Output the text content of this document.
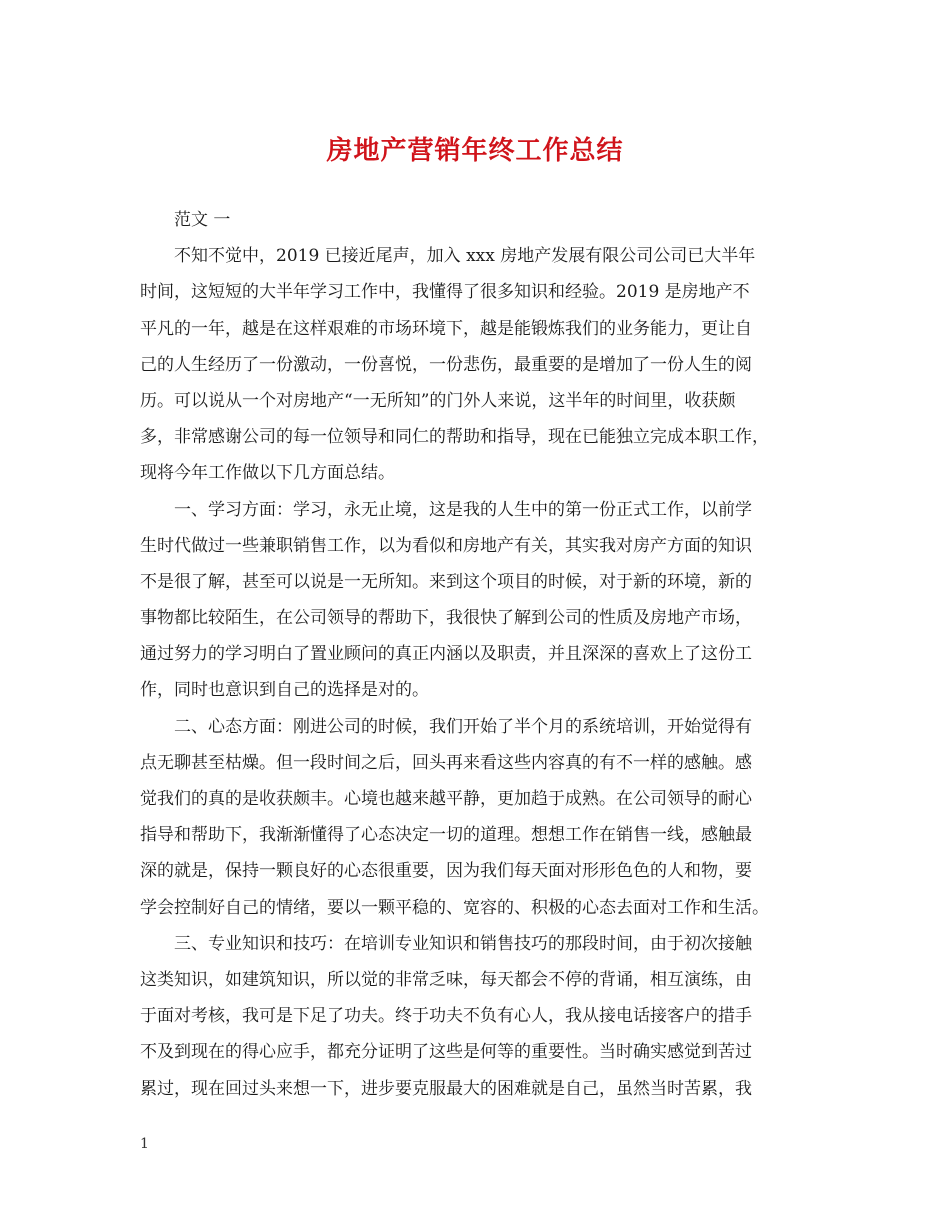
房地产营销年终工作总结
范文 一
不知不觉中，2019 已接近尾声，加入 xxx 房地产发展有限公司公司已大半年
时间，这短短的大半年学习工作中，我懂得了很多知识和经验。2019 是房地产不
平凡的一年，越是在这样艰难的市场环境下，越是能锻炼我们的业务能力，更让自
己的人生经历了一份激动，一份喜悦，一份悲伤，最重要的是增加了一份人生的阅
历。可以说从一个对房地产“一无所知”的门外人来说，这半年的时间里，收获颇
多，非常感谢公司的每一位领导和同仁的帮助和指导，现在已能独立完成本职工作，
现将今年工作做以下几方面总结。
一、学习方面：学习，永无止境，这是我的人生中的第一份正式工作，以前学
生时代做过一些兼职销售工作，以为看似和房地产有关，其实我对房产方面的知识
不是很了解，甚至可以说是一无所知。来到这个项目的时候，对于新的环境，新的
事物都比较陌生，在公司领导的帮助下，我很快了解到公司的性质及房地产市场，
通过努力的学习明白了置业顾问的真正内涵以及职责，并且深深的喜欢上了这份工
作，同时也意识到自己的选择是对的。
二、心态方面：刚进公司的时候，我们开始了半个月的系统培训，开始觉得有
点无聊甚至枯燥。但一段时间之后，回头再来看这些内容真的有不一样的感触。感
觉我们的真的是收获颇丰。心境也越来越平静，更加趋于成熟。在公司领导的耐心
指导和帮助下，我渐渐懂得了心态决定一切的道理。想想工作在销售一线，感触最
深的就是，保持一颗良好的心态很重要，因为我们每天面对形形色色的人和物，要
学会控制好自己的情绪，要以一颗平稳的、宽容的、积极的心态去面对工作和生活。
三、专业知识和技巧：在培训专业知识和销售技巧的那段时间，由于初次接触
这类知识，如建筑知识，所以觉的非常乏味，每天都会不停的背诵，相互演练，由
于面对考核，我可是下足了功夫。终于功夫不负有心人，我从接电话接客户的措手
不及到现在的得心应手，都充分证明了这些是何等的重要性。当时确实感觉到苦过
累过，现在回过头来想一下，进步要克服最大的困难就是自己，虽然当时苦累，我
1
